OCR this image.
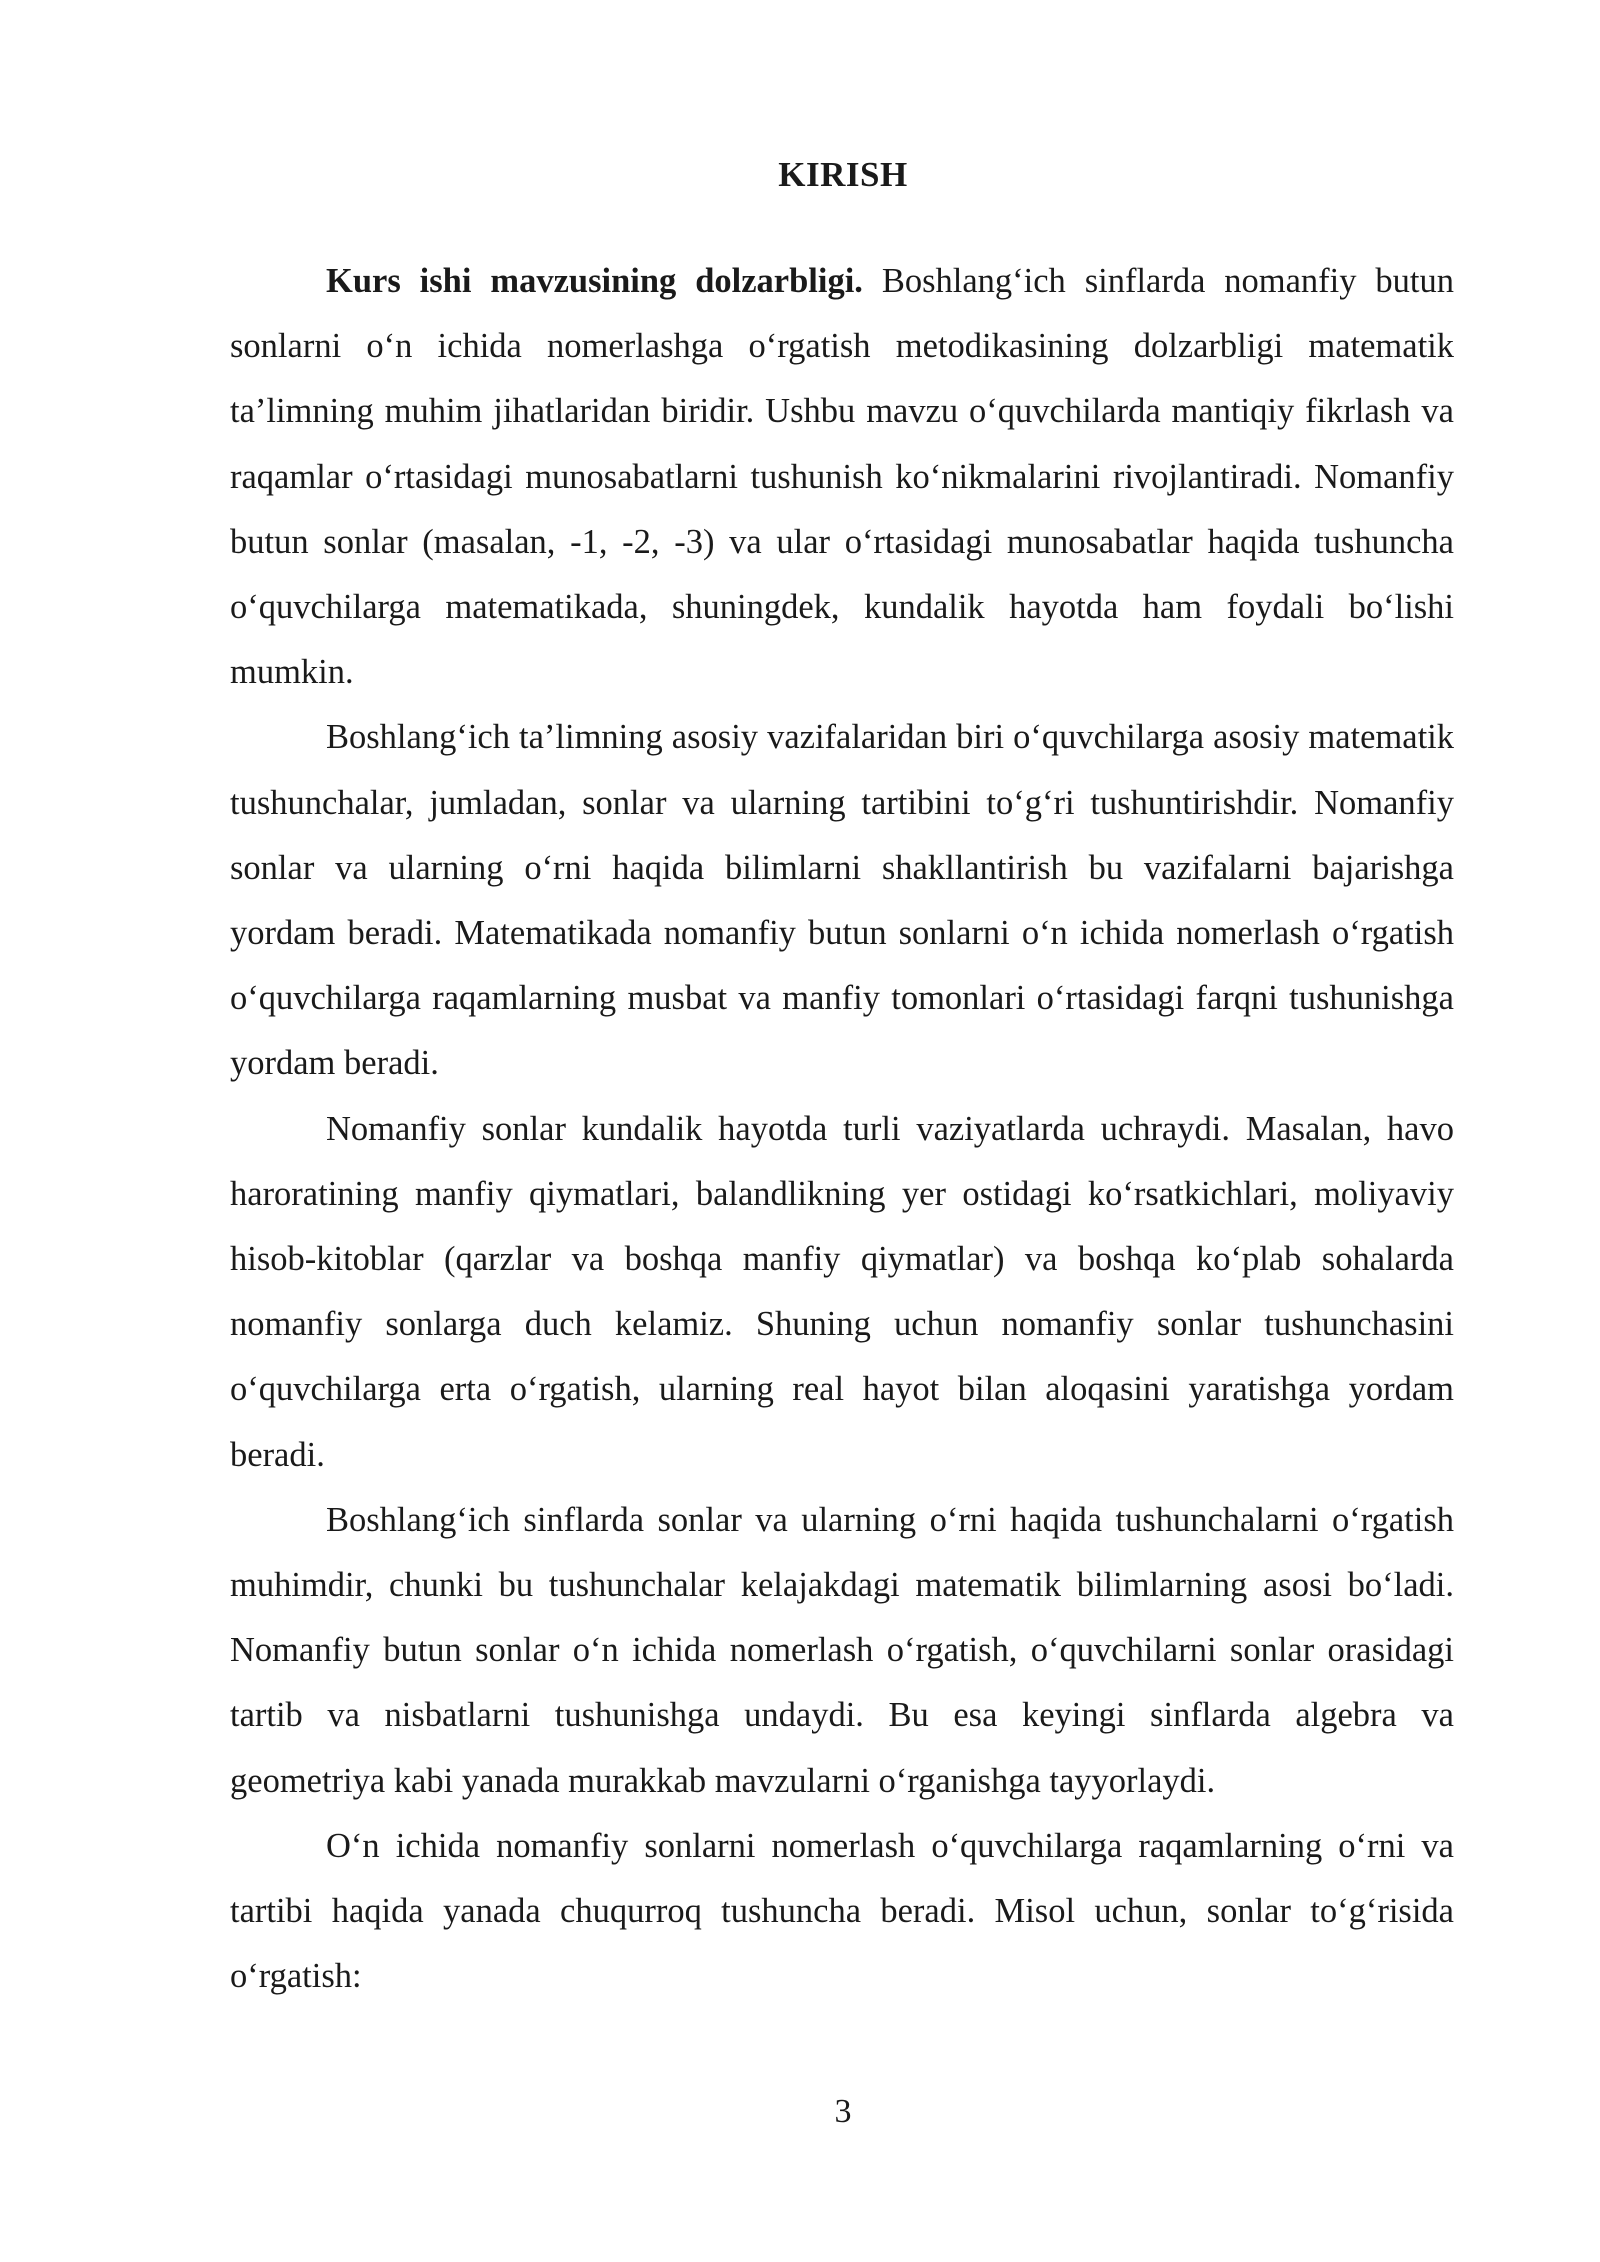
KIRISH

Kurs ishi mavzusining dolzarbligi. Boshlang‘ich sinflarda nomanfiy butun sonlarni o‘n ichida nomerlashga o‘rgatish metodikasining dolzarbligi matematik ta’limning muhim jihatlaridan biridir. Ushbu mavzu o‘quvchilarda mantiqiy fikrlash va raqamlar o‘rtasidagi munosabatlarni tushunish ko‘nikmalarini rivojlantiradi. Nomanfiy butun sonlar (masalan, -1, -2, -3) va ular o‘rtasidagi munosabatlar haqida tushuncha o‘quvchilarga matematikada, shuningdek, kundalik hayotda ham foydali bo‘lishi mumkin.

Boshlang‘ich ta’limning asosiy vazifalaridan biri o‘quvchilarga asosiy matematik tushunchalar, jumladan, sonlar va ularning tartibini to‘g‘ri tushuntirishdir. Nomanfiy sonlar va ularning o‘rni haqida bilimlarni shakllantirish bu vazifalarni bajarishga yordam beradi. Matematikada nomanfiy butun sonlarni o‘n ichida nomerlash o‘rgatish o‘quvchilarga raqamlarning musbat va manfiy tomonlari o‘rtasidagi farqni tushunishga yordam beradi.

Nomanfiy sonlar kundalik hayotda turli vaziyatlarda uchraydi. Masalan, havo haroratining manfiy qiymatlari, balandlikning yer ostidagi ko‘rsatkichlari, moliyaviy hisob-kitoblar (qarzlar va boshqa manfiy qiymatlar) va boshqa ko‘plab sohalarda nomanfiy sonlarga duch kelamiz. Shuning uchun nomanfiy sonlar tushunchasini o‘quvchilarga erta o‘rgatish, ularning real hayot bilan aloqasini yaratishga yordam beradi.

Boshlang‘ich sinflarda sonlar va ularning o‘rni haqida tushunchalarni o‘rgatish muhimdir, chunki bu tushunchalar kelajakdagi matematik bilimlarning asosi bo‘ladi. Nomanfiy butun sonlar o‘n ichida nomerlash o‘rgatish, o‘quvchilarni sonlar orasidagi tartib va nisbatlarni tushunishga undaydi. Bu esa keyingi sinflarda algebra va geometriya kabi yanada murakkab mavzularni o‘rganishga tayyorlaydi.

O‘n ichida nomanfiy sonlarni nomerlash o‘quvchilarga raqamlarning o‘rni va tartibi haqida yanada chuqurroq tushuncha beradi. Misol uchun, sonlar to‘g‘risida o‘rgatish:

3
